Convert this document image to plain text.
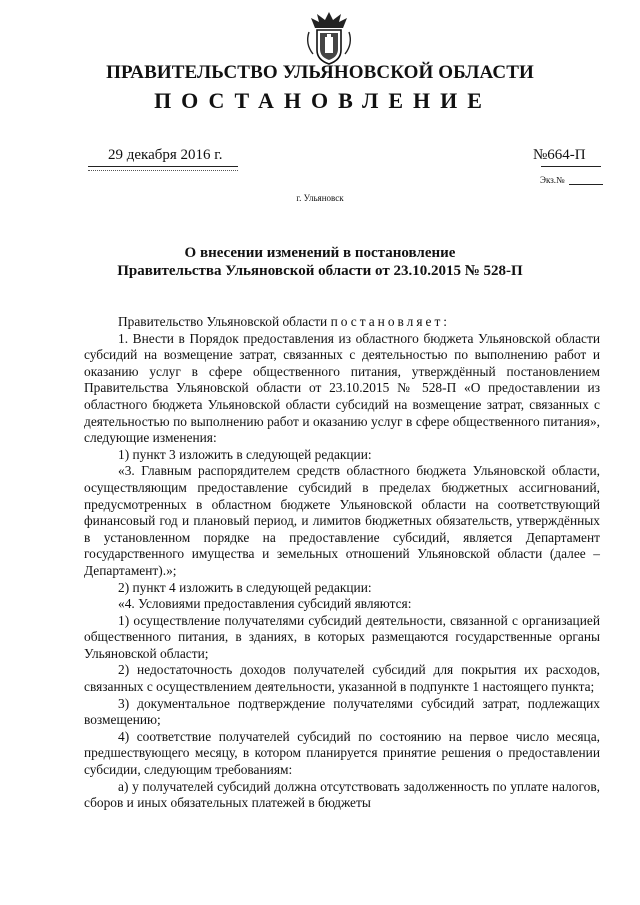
ПРАВИТЕЛЬСТВО УЛЬЯНОВСКОЙ ОБЛАСТИ
ПОСТАНОВЛЕНИЕ
29 декабря 2016 г.	№664-П
Экз.№
г. Ульяновск
О внесении изменений в постановление
Правительства Ульяновской области от 23.10.2015 № 528-П

Правительство Ульяновской области постановляет:

1. Внести в Порядок предоставления из областного бюджета Ульяновской области субсидий на возмещение затрат, связанных с деятельностью по выполнению работ и оказанию услуг в сфере общественного питания, утверждённый постановлением Правительства Ульяновской области от 23.10.2015 № 528-П «О предоставлении из областного бюджета Ульяновской области субсидий на возмещение затрат, связанных с деятельностью по выполнению работ и оказанию услуг в сфере общественного питания», следующие изменения:

1) пункт 3 изложить в следующей редакции:

«3. Главным распорядителем средств областного бюджета Ульяновской области, осуществляющим предоставление субсидий в пределах бюджетных ассигнований, предусмотренных в областном бюджете Ульяновской области на соответствующий финансовый год и плановый период, и лимитов бюджетных обязательств, утверждённых в установленном порядке на предоставление субсидий, является Департамент государственного имущества и земельных отношений Ульяновской области (далее – Департамент).»;

2) пункт 4 изложить в следующей редакции:

«4. Условиями предоставления субсидий являются:

1) осуществление получателями субсидий деятельности, связанной с организацией общественного питания, в зданиях, в которых размещаются государственные органы Ульяновской области;

2) недостаточность доходов получателей субсидий для покрытия их расходов, связанных с осуществлением деятельности, указанной в подпункте 1 настоящего пункта;

3) документальное подтверждение получателями субсидий затрат, подлежащих возмещению;

4) соответствие получателей субсидий по состоянию на первое число месяца, предшествующего месяцу, в котором планируется принятие решения о предоставлении субсидии, следующим требованиям:

а) у получателей субсидий должна отсутствовать задолженность по уплате налогов, сборов и иных обязательных платежей в бюджеты
